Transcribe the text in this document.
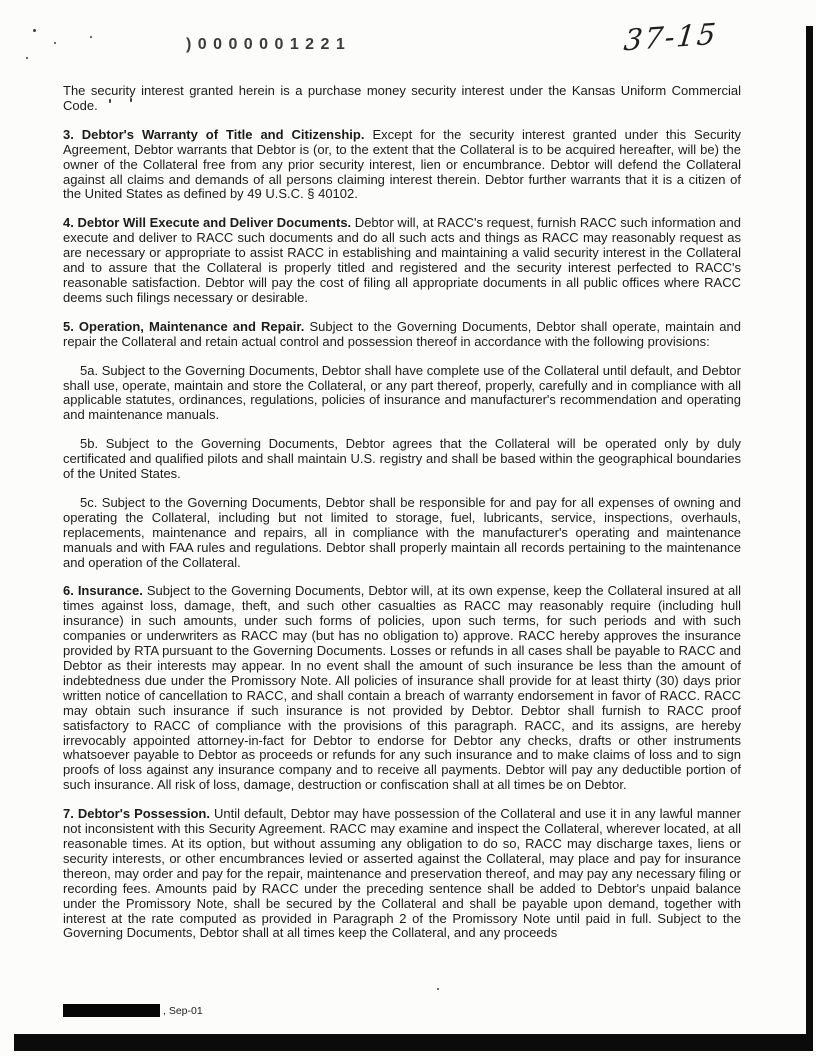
) 0 0 0 0 0 0 1 2 2 1	37-15

The security interest granted herein is a purchase money security interest under the Kansas Uniform Commercial Code.

3. Debtor's Warranty of Title and Citizenship. Except for the security interest granted under this Security Agreement, Debtor warrants that Debtor is (or, to the extent that the Collateral is to be acquired hereafter, will be) the owner of the Collateral free from any prior security interest, lien or encumbrance. Debtor will defend the Collateral against all claims and demands of all persons claiming interest therein. Debtor further warrants that it is a citizen of the United States as defined by 49 U.S.C. § 40102.

4. Debtor Will Execute and Deliver Documents. Debtor will, at RACC's request, furnish RACC such information and execute and deliver to RACC such documents and do all such acts and things as RACC may reasonably request as are necessary or appropriate to assist RACC in establishing and maintaining a valid security interest in the Collateral and to assure that the Collateral is properly titled and registered and the security interest perfected to RACC's reasonable satisfaction. Debtor will pay the cost of filing all appropriate documents in all public offices where RACC deems such filings necessary or desirable.

5. Operation, Maintenance and Repair. Subject to the Governing Documents, Debtor shall operate, maintain and repair the Collateral and retain actual control and possession thereof in accordance with the following provisions:

5a. Subject to the Governing Documents, Debtor shall have complete use of the Collateral until default, and Debtor shall use, operate, maintain and store the Collateral, or any part thereof, properly, carefully and in compliance with all applicable statutes, ordinances, regulations, policies of insurance and manufacturer's recommendation and operating and maintenance manuals.

5b. Subject to the Governing Documents, Debtor agrees that the Collateral will be operated only by duly certificated and qualified pilots and shall maintain U.S. registry and shall be based within the geographical boundaries of the United States.

5c. Subject to the Governing Documents, Debtor shall be responsible for and pay for all expenses of owning and operating the Collateral, including but not limited to storage, fuel, lubricants, service, inspections, overhauls, replacements, maintenance and repairs, all in compliance with the manufacturer's operating and maintenance manuals and with FAA rules and regulations. Debtor shall properly maintain all records pertaining to the maintenance and operation of the Collateral.

6. Insurance. Subject to the Governing Documents, Debtor will, at its own expense, keep the Collateral insured at all times against loss, damage, theft, and such other casualties as RACC may reasonably require (including hull insurance) in such amounts, under such forms of policies, upon such terms, for such periods and with such companies or underwriters as RACC may (but has no obligation to) approve. RACC hereby approves the insurance provided by RTA pursuant to the Governing Documents. Losses or refunds in all cases shall be payable to RACC and Debtor as their interests may appear. In no event shall the amount of such insurance be less than the amount of indebtedness due under the Promissory Note. All policies of insurance shall provide for at least thirty (30) days prior written notice of cancellation to RACC, and shall contain a breach of warranty endorsement in favor of RACC. RACC may obtain such insurance if such insurance is not provided by Debtor. Debtor shall furnish to RACC proof satisfactory to RACC of compliance with the provisions of this paragraph. RACC, and its assigns, are hereby irrevocably appointed attorney-in-fact for Debtor to endorse for Debtor any checks, drafts or other instruments whatsoever payable to Debtor as proceeds or refunds for any such insurance and to make claims of loss and to sign proofs of loss against any insurance company and to receive all payments. Debtor will pay any deductible portion of such insurance. All risk of loss, damage, destruction or confiscation shall at all times be on Debtor.

7. Debtor's Possession. Until default, Debtor may have possession of the Collateral and use it in any lawful manner not inconsistent with this Security Agreement. RACC may examine and inspect the Collateral, wherever located, at all reasonable times. At its option, but without assuming any obligation to do so, RACC may discharge taxes, liens or security interests, or other encumbrances levied or asserted against the Collateral, may place and pay for insurance thereon, may order and pay for the repair, maintenance and preservation thereof, and may pay any necessary filing or recording fees. Amounts paid by RACC under the preceding sentence shall be added to Debtor's unpaid balance under the Promissory Note, shall be secured by the Collateral and shall be payable upon demand, together with interest at the rate computed as provided in Paragraph 2 of the Promissory Note until paid in full. Subject to the Governing Documents, Debtor shall at all times keep the Collateral, and any proceeds

, Sep-01
